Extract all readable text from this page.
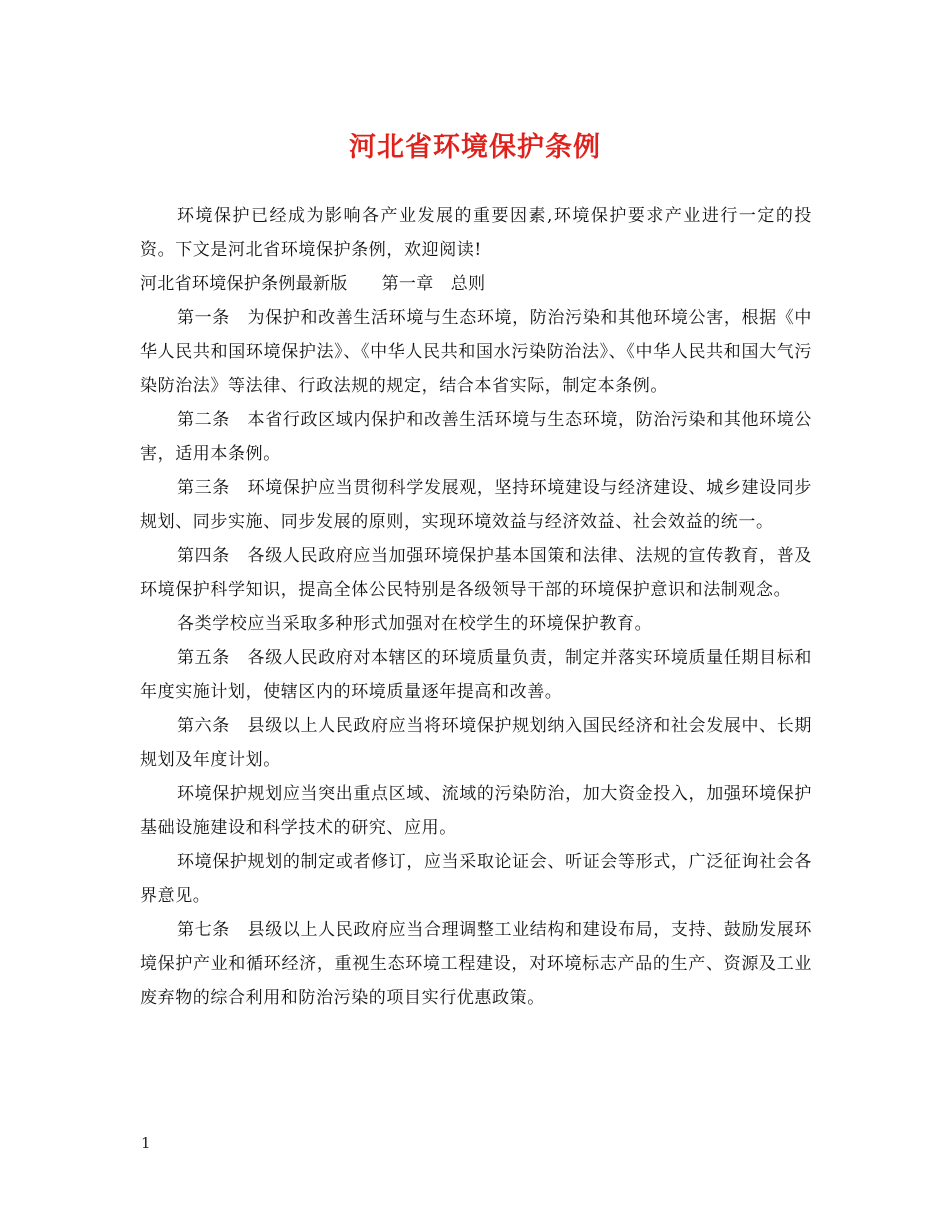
河北省环境保护条例

环境保护已经成为影响各产业发展的重要因素,环境保护要求产业进行一定的投资。下文是河北省环境保护条例，欢迎阅读!

河北省环境保护条例最新版 第一章　总则

第一条　为保护和改善生活环境与生态环境，防治污染和其他环境公害，根据《中华人民共和国环境保护法》、《中华人民共和国水污染防治法》、《中华人民共和国大气污染防治法》等法律、行政法规的规定，结合本省实际，制定本条例。

第二条　本省行政区域内保护和改善生活环境与生态环境，防治污染和其他环境公害，适用本条例。

第三条　环境保护应当贯彻科学发展观，坚持环境建设与经济建设、城乡建设同步规划、同步实施、同步发展的原则，实现环境效益与经济效益、社会效益的统一。

第四条　各级人民政府应当加强环境保护基本国策和法律、法规的宣传教育，普及环境保护科学知识，提高全体公民特别是各级领导干部的环境保护意识和法制观念。

各类学校应当采取多种形式加强对在校学生的环境保护教育。

第五条　各级人民政府对本辖区的环境质量负责，制定并落实环境质量任期目标和年度实施计划，使辖区内的环境质量逐年提高和改善。

第六条　县级以上人民政府应当将环境保护规划纳入国民经济和社会发展中、长期规划及年度计划。

环境保护规划应当突出重点区域、流域的污染防治，加大资金投入，加强环境保护基础设施建设和科学技术的研究、应用。

环境保护规划的制定或者修订，应当采取论证会、听证会等形式，广泛征询社会各界意见。

第七条　县级以上人民政府应当合理调整工业结构和建设布局，支持、鼓励发展环境保护产业和循环经济，重视生态环境工程建设，对环境标志产品的生产、资源及工业废弃物的综合利用和防治污染的项目实行优惠政策。

1
